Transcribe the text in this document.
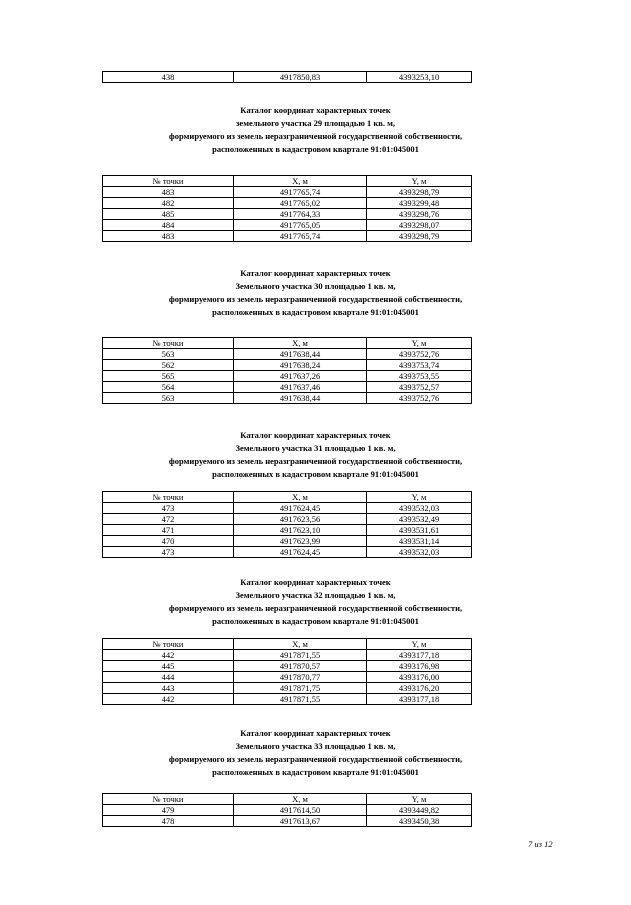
438	4917850,83	4393253,10
Каталог координат характерных точек
земельного участка 29 площадью 1 кв. м,
формируемого из земель неразграниченной государственной собственности,
расположенных в кадастровом квартале 91:01:045001
№ точки	X, м	Y, м
483	4917765,74	4393298,79
482	4917765,02	4393299,48
485	4917764,33	4393298,76
484	4917765,05	4393298,07
483	4917765,74	4393298,79
Каталог координат характерных точек
Земельного участка 30 площадью 1 кв. м,
формируемого из земель неразграниченной государственной собственности,
расположенных в кадастровом квартале 91:01:045001
№ точки	X, м	Y, м
563	4917638,44	4393752,76
562	4917638,24	4393753,74
565	4917637,26	4393753,55
564	4917637,46	4393752,57
563	4917638,44	4393752,76
Каталог координат характерных точек
Земельного участка 31 площадью 1 кв. м,
формируемого из земель неразграниченной государственной собственности,
расположенных в кадастровом квартале 91:01:045001
№ точки	X, м	Y, м
473	4917624,45	4393532,03
472	4917623,56	4393532,49
471	4917623,10	4393531,61
470	4917623,99	4393531,14
473	4917624,45	4393532,03
Каталог координат характерных точек
Земельного участка 32 площадью 1 кв. м,
формируемого из земель неразграниченной государственной собственности,
расположенных в кадастровом квартале 91:01:045001
№ точки	X, м	Y, м
442	4917871,55	4393177,18
445	4917870,57	4393176,98
444	4917870,77	4393176,00
443	4917871,75	4393176,20
442	4917871,55	4393177,18
Каталог координат характерных точек
Земельного участка 33 площадью 1 кв. м,
формируемого из земель неразграниченной государственной собственности,
расположенных в кадастровом квартале 91:01:045001
№ точки	X, м	Y, м
479	4917614,50	4393449,82
478	4917613,67	4393450,38
7 из 12
